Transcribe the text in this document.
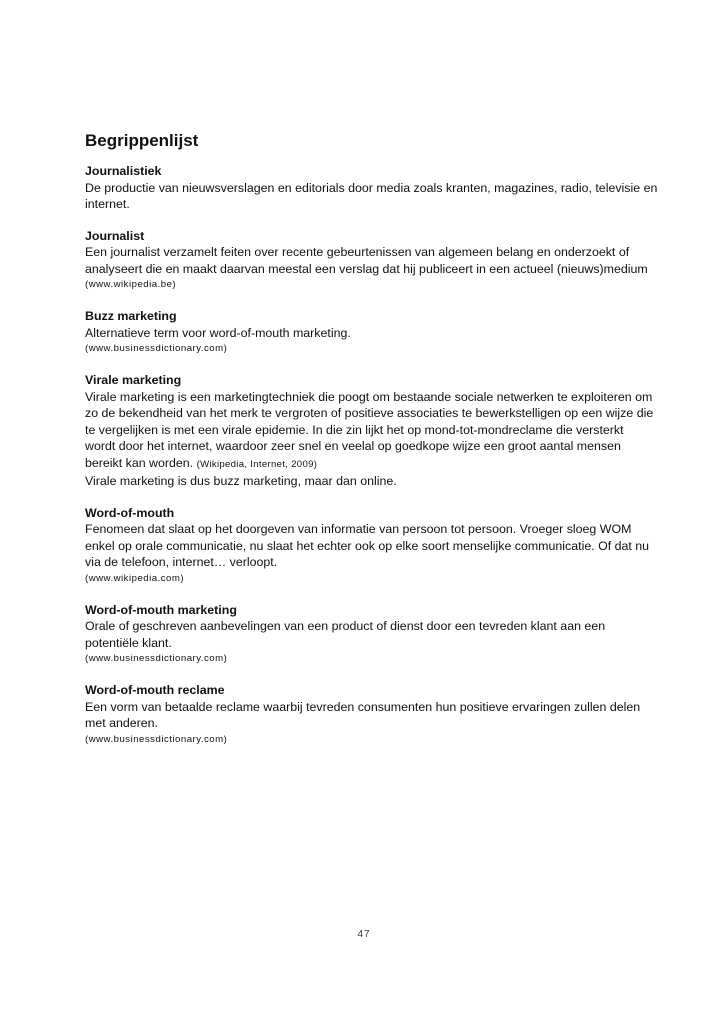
Begrippenlijst
Journalistiek
De productie van nieuwsverslagen en editorials door media zoals kranten, magazines, radio, televisie en
internet.
Journalist
Een journalist verzamelt feiten over recente gebeurtenissen van algemeen belang en onderzoekt of
analyseert die en maakt daarvan meestal een verslag dat hij publiceert in een actueel (nieuws)medium
(www.wikipedia.be)
Buzz marketing
Alternatieve term voor word-of-mouth marketing.
(www.businessdictionary.com)
Virale marketing
Virale marketing is een marketingtechniek die poogt om bestaande sociale netwerken te exploiteren om
zo de bekendheid van het merk te vergroten of positieve associaties te bewerkstelligen op een wijze die
te vergelijken is met een virale epidemie. In die zin lijkt het op mond-tot-mondreclame die versterkt
wordt door het internet, waardoor zeer snel en veelal op goedkope wijze een groot aantal mensen
bereikt kan worden. (Wikipedia, Internet, 2009)
Virale marketing is dus buzz marketing, maar dan online.
Word-of-mouth
Fenomeen dat slaat op het doorgeven van informatie van persoon tot persoon. Vroeger sloeg WOM
enkel op orale communicatie, nu slaat het echter ook op elke soort menselijke communicatie. Of dat nu
via de telefoon, internet… verloopt.
(www.wikipedia.com)
Word-of-mouth marketing
Orale of geschreven aanbevelingen van een product of dienst door een tevreden klant aan een
potentiële klant.
(www.businessdictionary.com)
Word-of-mouth reclame
Een vorm van betaalde reclame waarbij tevreden consumenten hun positieve ervaringen zullen delen
met anderen.
(www.businessdictionary.com)
47
